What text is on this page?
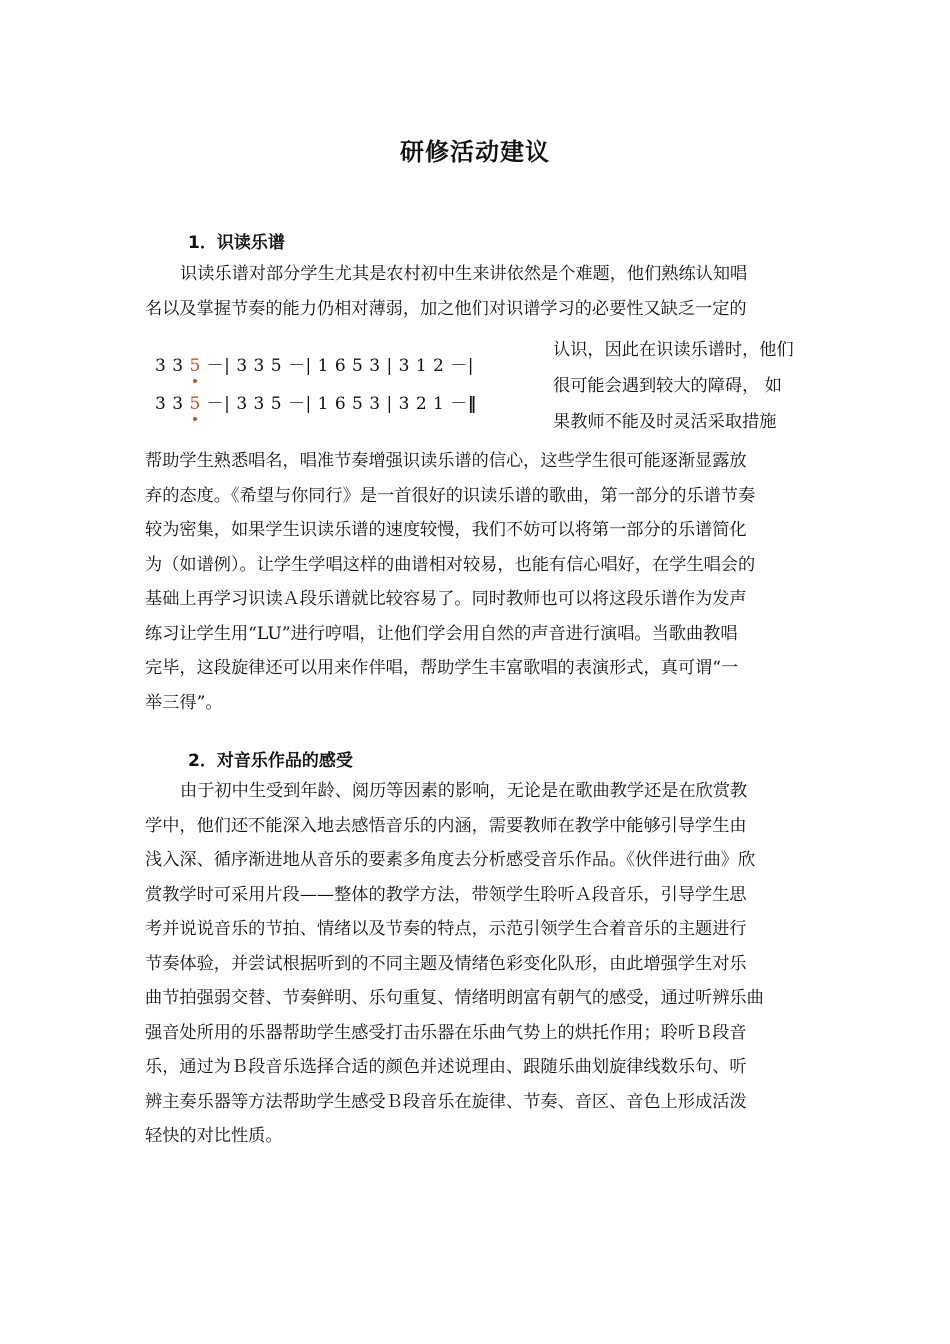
研修活动建议
1．识读乐谱
识读乐谱对部分学生尤其是农村初中生来讲依然是个难题，他们熟练认知唱
名以及掌握节奏的能力仍相对薄弱，加之他们对识谱学习的必要性又缺乏一定的
3 3 5 －| 3 3 5 －| 1 6 5 3 | 3 1 2 －|
3 3 5 －| 3 3 5 －| 1 6 5 3 | 3 2 1 －‖
认识，因此在识读乐谱时，他们
很可能会遇到较大的障碍， 如
果教师不能及时灵活采取措施
帮助学生熟悉唱名，唱准节奏增强识读乐谱的信心，这些学生很可能逐渐显露放
弃的态度。《希望与你同行》是一首很好的识读乐谱的歌曲，第一部分的乐谱节奏
较为密集，如果学生识读乐谱的速度较慢，我们不妨可以将第一部分的乐谱简化
为（如谱例）。让学生学唱这样的曲谱相对较易，也能有信心唱好，在学生唱会的
基础上再学习识读Ａ段乐谱就比较容易了。同时教师也可以将这段乐谱作为发声
练习让学生用“LU”进行哼唱，让他们学会用自然的声音进行演唱。当歌曲教唱
完毕，这段旋律还可以用来作伴唱，帮助学生丰富歌唱的表演形式，真可谓“一
举三得”。
2．对音乐作品的感受
由于初中生受到年龄、阅历等因素的影响，无论是在歌曲教学还是在欣赏教
学中，他们还不能深入地去感悟音乐的内涵，需要教师在教学中能够引导学生由
浅入深、循序渐进地从音乐的要素多角度去分析感受音乐作品。《伙伴进行曲》欣
赏教学时可采用片段——整体的教学方法，带领学生聆听Ａ段音乐，引导学生思
考并说说音乐的节拍、情绪以及节奏的特点，示范引领学生合着音乐的主题进行
节奏体验，并尝试根据听到的不同主题及情绪色彩变化队形，由此增强学生对乐
曲节拍强弱交替、节奏鲜明、乐句重复、情绪明朗富有朝气的感受，通过听辨乐曲
强音处所用的乐器帮助学生感受打击乐器在乐曲气势上的烘托作用；聆听Ｂ段音
乐，通过为Ｂ段音乐选择合适的颜色并述说理由、跟随乐曲划旋律线数乐句、听
辨主奏乐器等方法帮助学生感受Ｂ段音乐在旋律、节奏、音区、音色上形成活泼
轻快的对比性质。
